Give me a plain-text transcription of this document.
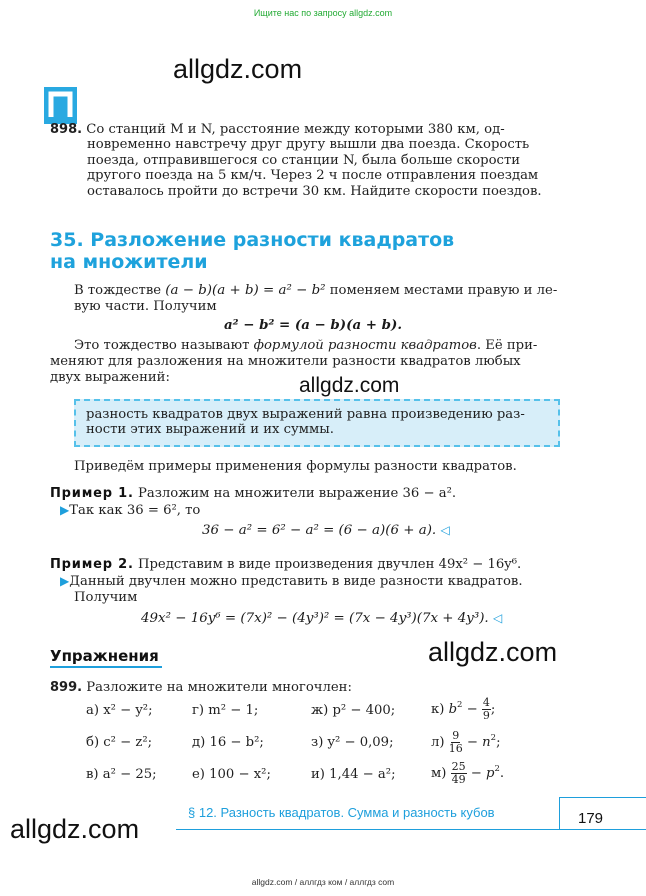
Ищите нас по запросу allgdz.com
allgdz.com
898. Со станций M и N, расстояние между которыми 380 км, од-
новременно навстречу друг другу вышли два поезда. Скорость
поезда, отправившегося со станции N, была больше скорости
другого поезда на 5 км/ч. Через 2 ч после отправления поездам
оставалось пройти до встречи 30 км. Найдите скорости поездов.
35. Разложение разности квадратов
на множители
В тождестве (a − b)(a + b) = a² − b² поменяем местами правую и ле-
вую части. Получим
a² − b² = (a − b)(a + b).
Это тождество называют формулой разности квадратов. Её при-
меняют для разложения на множители разности квадратов любых
двух выражений:	allgdz.com
разность квадратов двух выражений равна произведению раз-
ности этих выражений и их суммы.
Приведём примеры применения формулы разности квадратов.
Пример 1. Разложим на множители выражение 36 − a².
▶Так как 36 = 6², то
36 − a² = 6² − a² = (6 − a)(6 + a). ◁
Пример 2. Представим в виде произведения двучлен 49x² − 16y⁶.
▶Данный двучлен можно представить в виде разности квадратов.
Получим
49x² − 16y⁶ = (7x)² − (4y³)² = (7x − 4y³)(7x + 4y³). ◁
Упражнения	allgdz.com
899. Разложите на множители многочлен:
а) x² − y²;	г) m² − 1;	ж) p² − 400;	к) $b^2 - \frac{4}{9}$ ;
б) c² − z²;	д) 16 − b²;	з) y² − 0,09;	$л) \frac{9}{16} - n^2$;
в) a² − 25;	е) 100 − x²;	и) 1,44 − a²;	$м) \frac{25}{49} - p^2$.
§ 12. Разность квадратов. Сумма и разность кубов	179
allgdz.com
allgdz.com / аллгдз ком / аллгдз com
